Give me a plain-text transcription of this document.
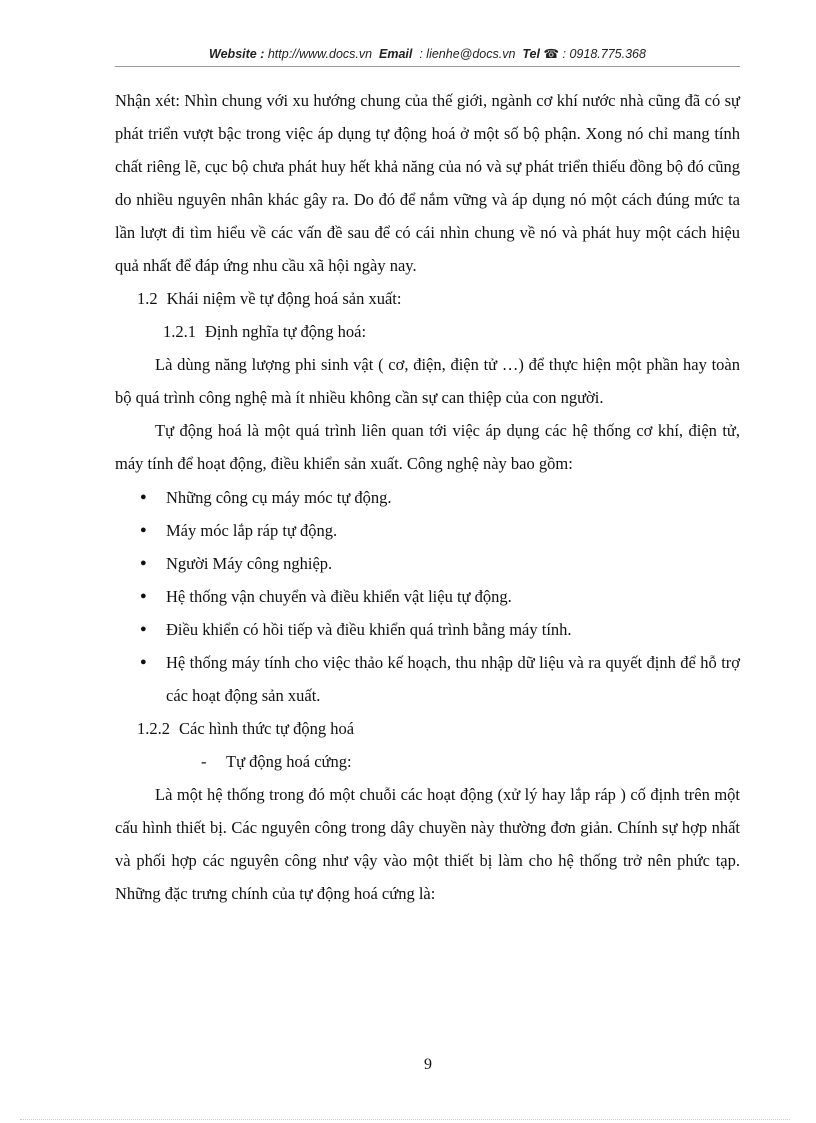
Website : http://www.docs.vn Email  : lienhe@docs.vn Tel ☎ : 0918.775.368

Nhận xét: Nhìn chung với xu hướng chung của thế giới, ngành cơ khí nước nhà cũng đã có sự phát triển vượt bậc trong việc áp dụng tự động hoá ở một số bộ phận. Xong nó chỉ mang tính chất riêng lẽ, cục bộ chưa phát huy hết khả năng của nó và sự phát triển thiếu đồng bộ đó cũng do nhiều nguyên nhân khác gây ra. Do đó để nắm vững và áp dụng nó một cách đúng mức ta lần lượt đi tìm hiểu về các vấn đề sau để có cái nhìn chung về nó và phát huy một cách hiệu quả nhất để đáp ứng nhu cầu xã hội ngày nay.

1.2 Khái niệm về tự động hoá sản xuất:
1.2.1 Định nghĩa tự động hoá:

Là dùng năng lượng phi sinh vật ( cơ, điện, điện tử …) để thực hiện một phần hay toàn bộ quá trình công nghệ mà ít nhiều không cần sự can thiệp của con người.

Tự động hoá là một quá trình liên quan tới việc áp dụng các hệ thống cơ khí, điện tử, máy tính để hoạt động, điều khiển sản xuất. Công nghệ này bao gồm:

● Những công cụ máy móc tự động.
● Máy móc lắp ráp tự động.
● Người Máy công nghiệp.
● Hệ thống vận chuyển và điều khiển vật liệu tự động.
● Điều khiển có hồi tiếp và điều khiển quá trình bằng máy tính.
● Hệ thống máy tính cho việc thảo kế hoạch, thu nhập dữ liệu và ra quyết định để hỗ trợ các hoạt động sản xuất.
1.2.2 Các hình thức tự động hoá
- Tự động hoá cứng:

Là một hệ thống trong đó một chuỗi các hoạt động (xử lý hay lắp ráp ) cố định trên một cấu hình thiết bị. Các nguyên công trong dây chuyền này thường đơn giản. Chính sự hợp nhất và phối hợp các nguyên công như vậy vào một thiết bị làm cho hệ thống trở nên phức tạp. Những đặc trưng chính của tự động hoá cứng là:

9
